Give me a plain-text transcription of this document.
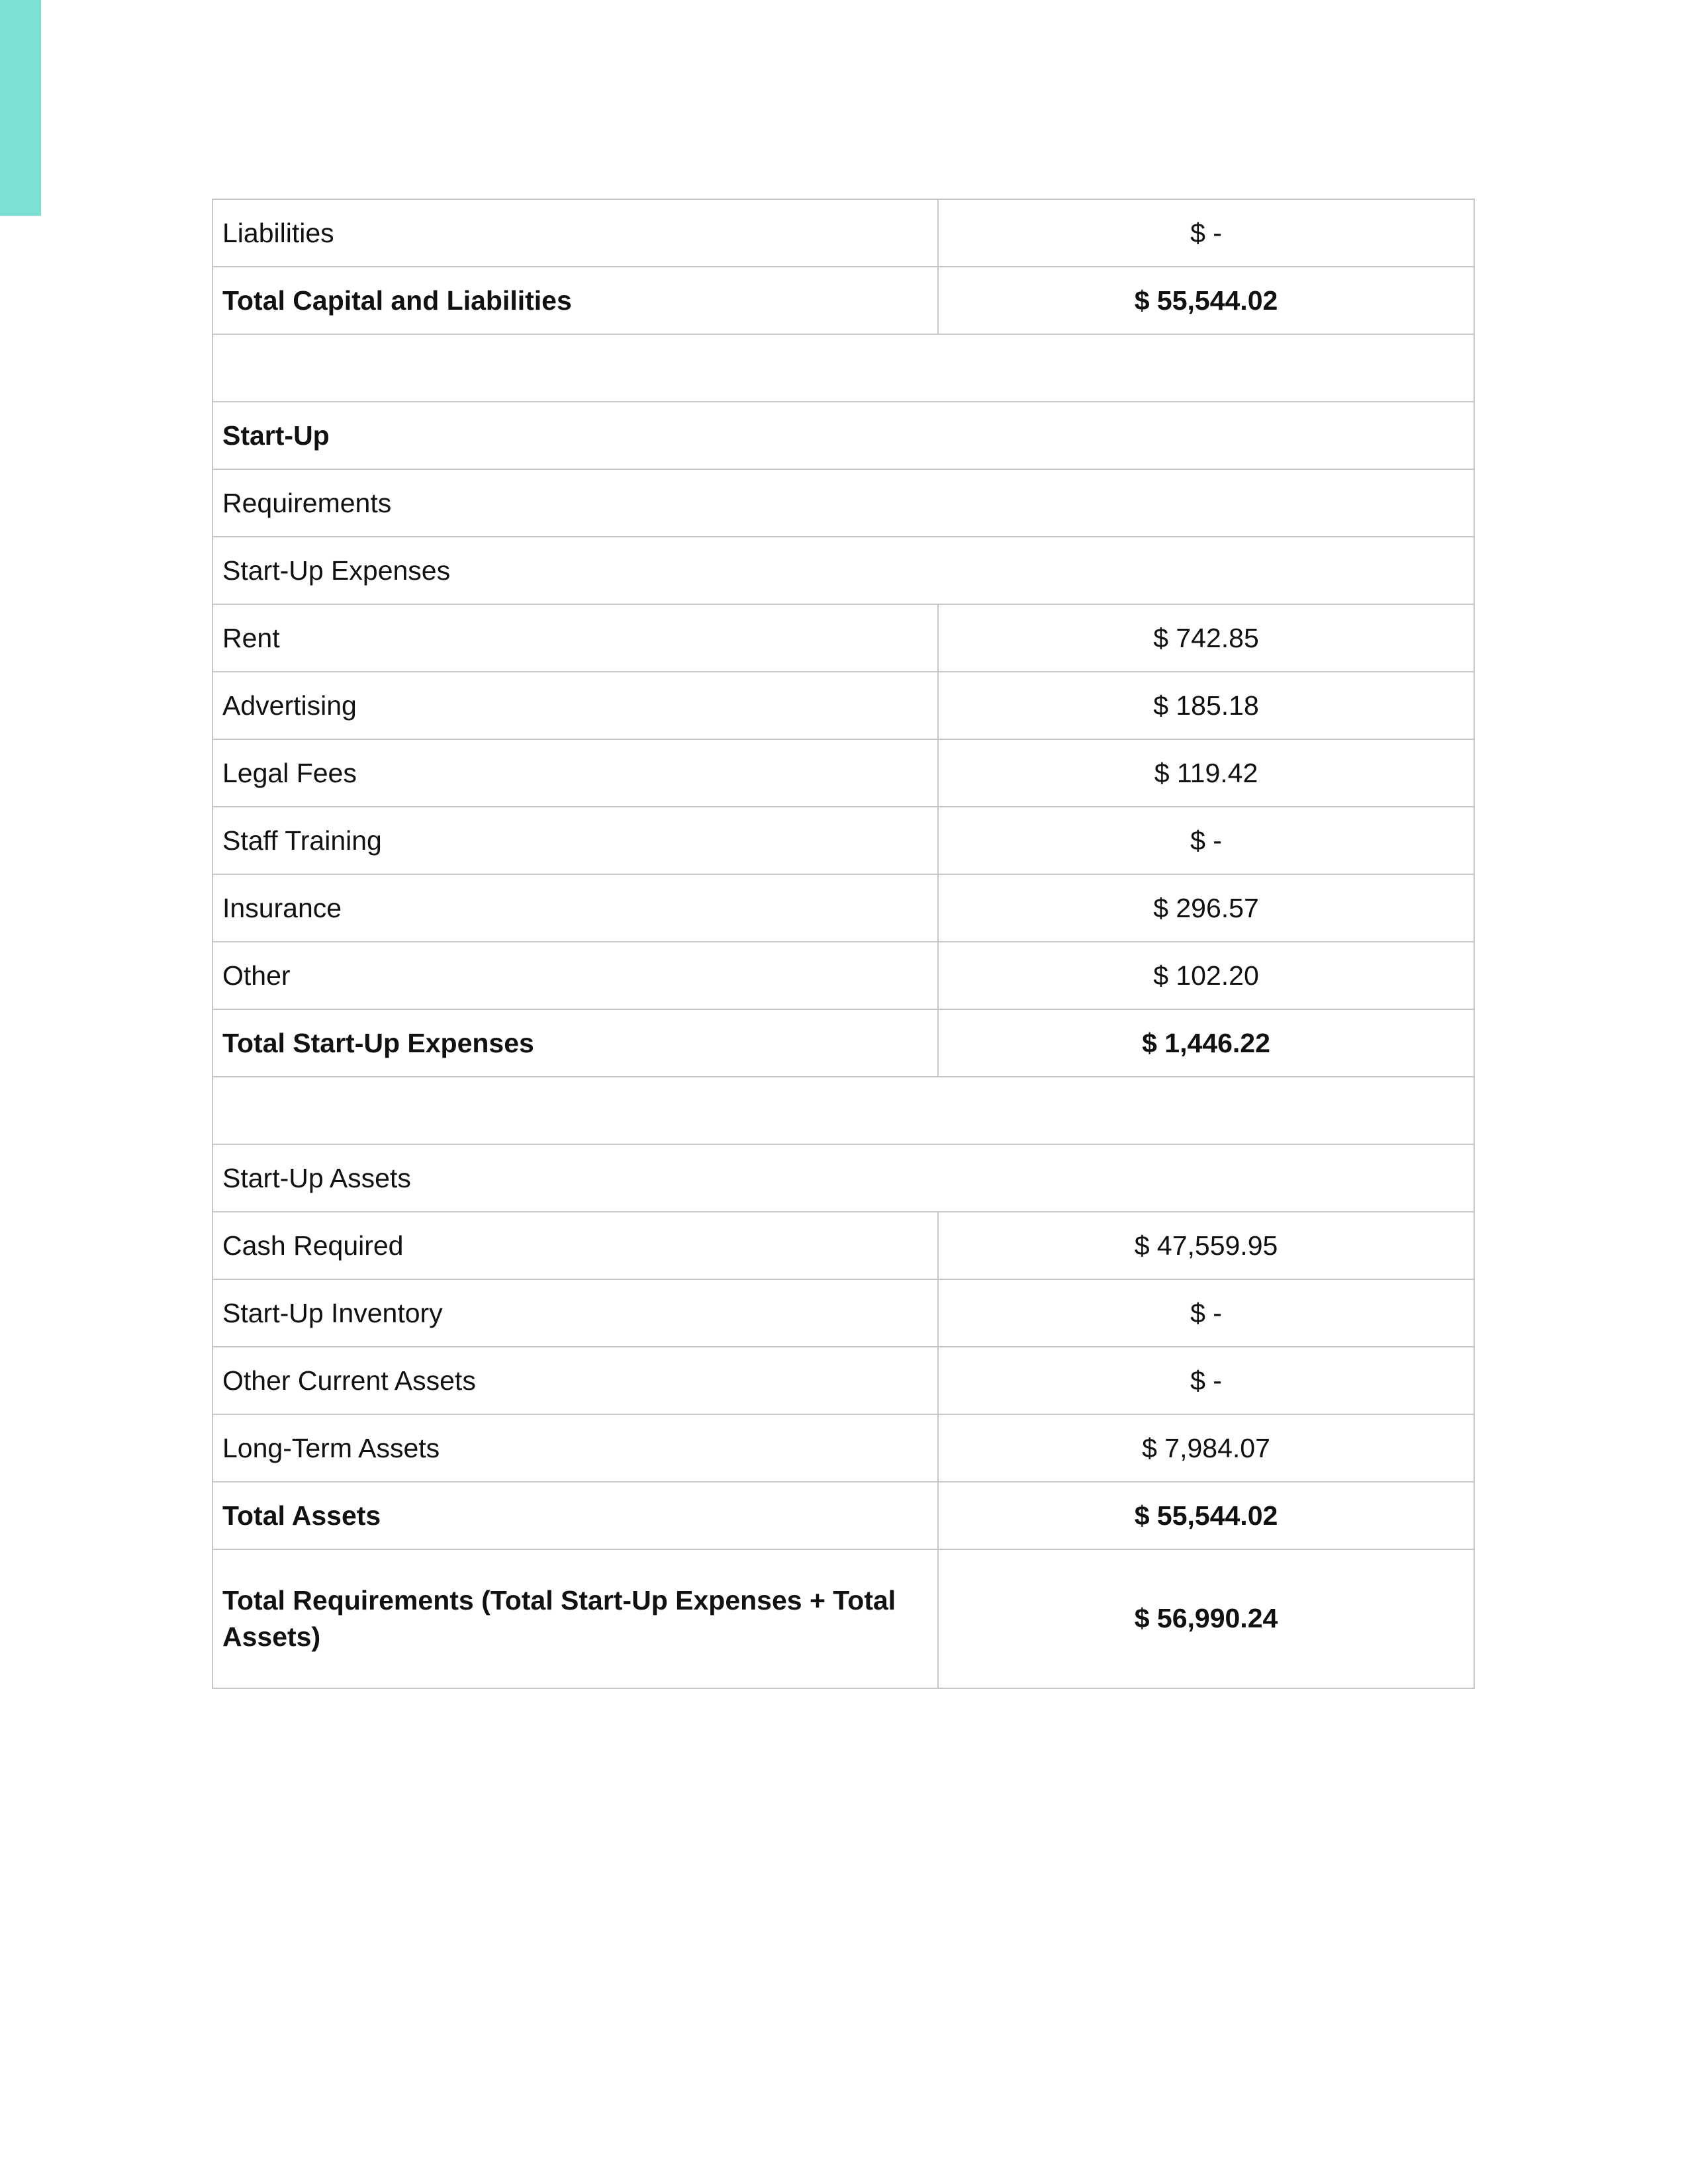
Liabilities	$ -
Total Capital and Liabilities	$ 55,544.02

Start-Up	
Requirements	
Start-Up Expenses	
Rent	$ 742.85
Advertising	$ 185.18
Legal Fees	$ 119.42
Staff Training	$ -
Insurance	$ 296.57
Other	$ 102.20
Total Start-Up Expenses	$ 1,446.22

Start-Up Assets	
Cash Required	$ 47,559.95
Start-Up Inventory	$ -
Other Current Assets	$ -
Long-Term Assets	$ 7,984.07
Total Assets	$ 55,544.02
Total Requirements (Total Start-Up Expenses + Total Assets)	$ 56,990.24
